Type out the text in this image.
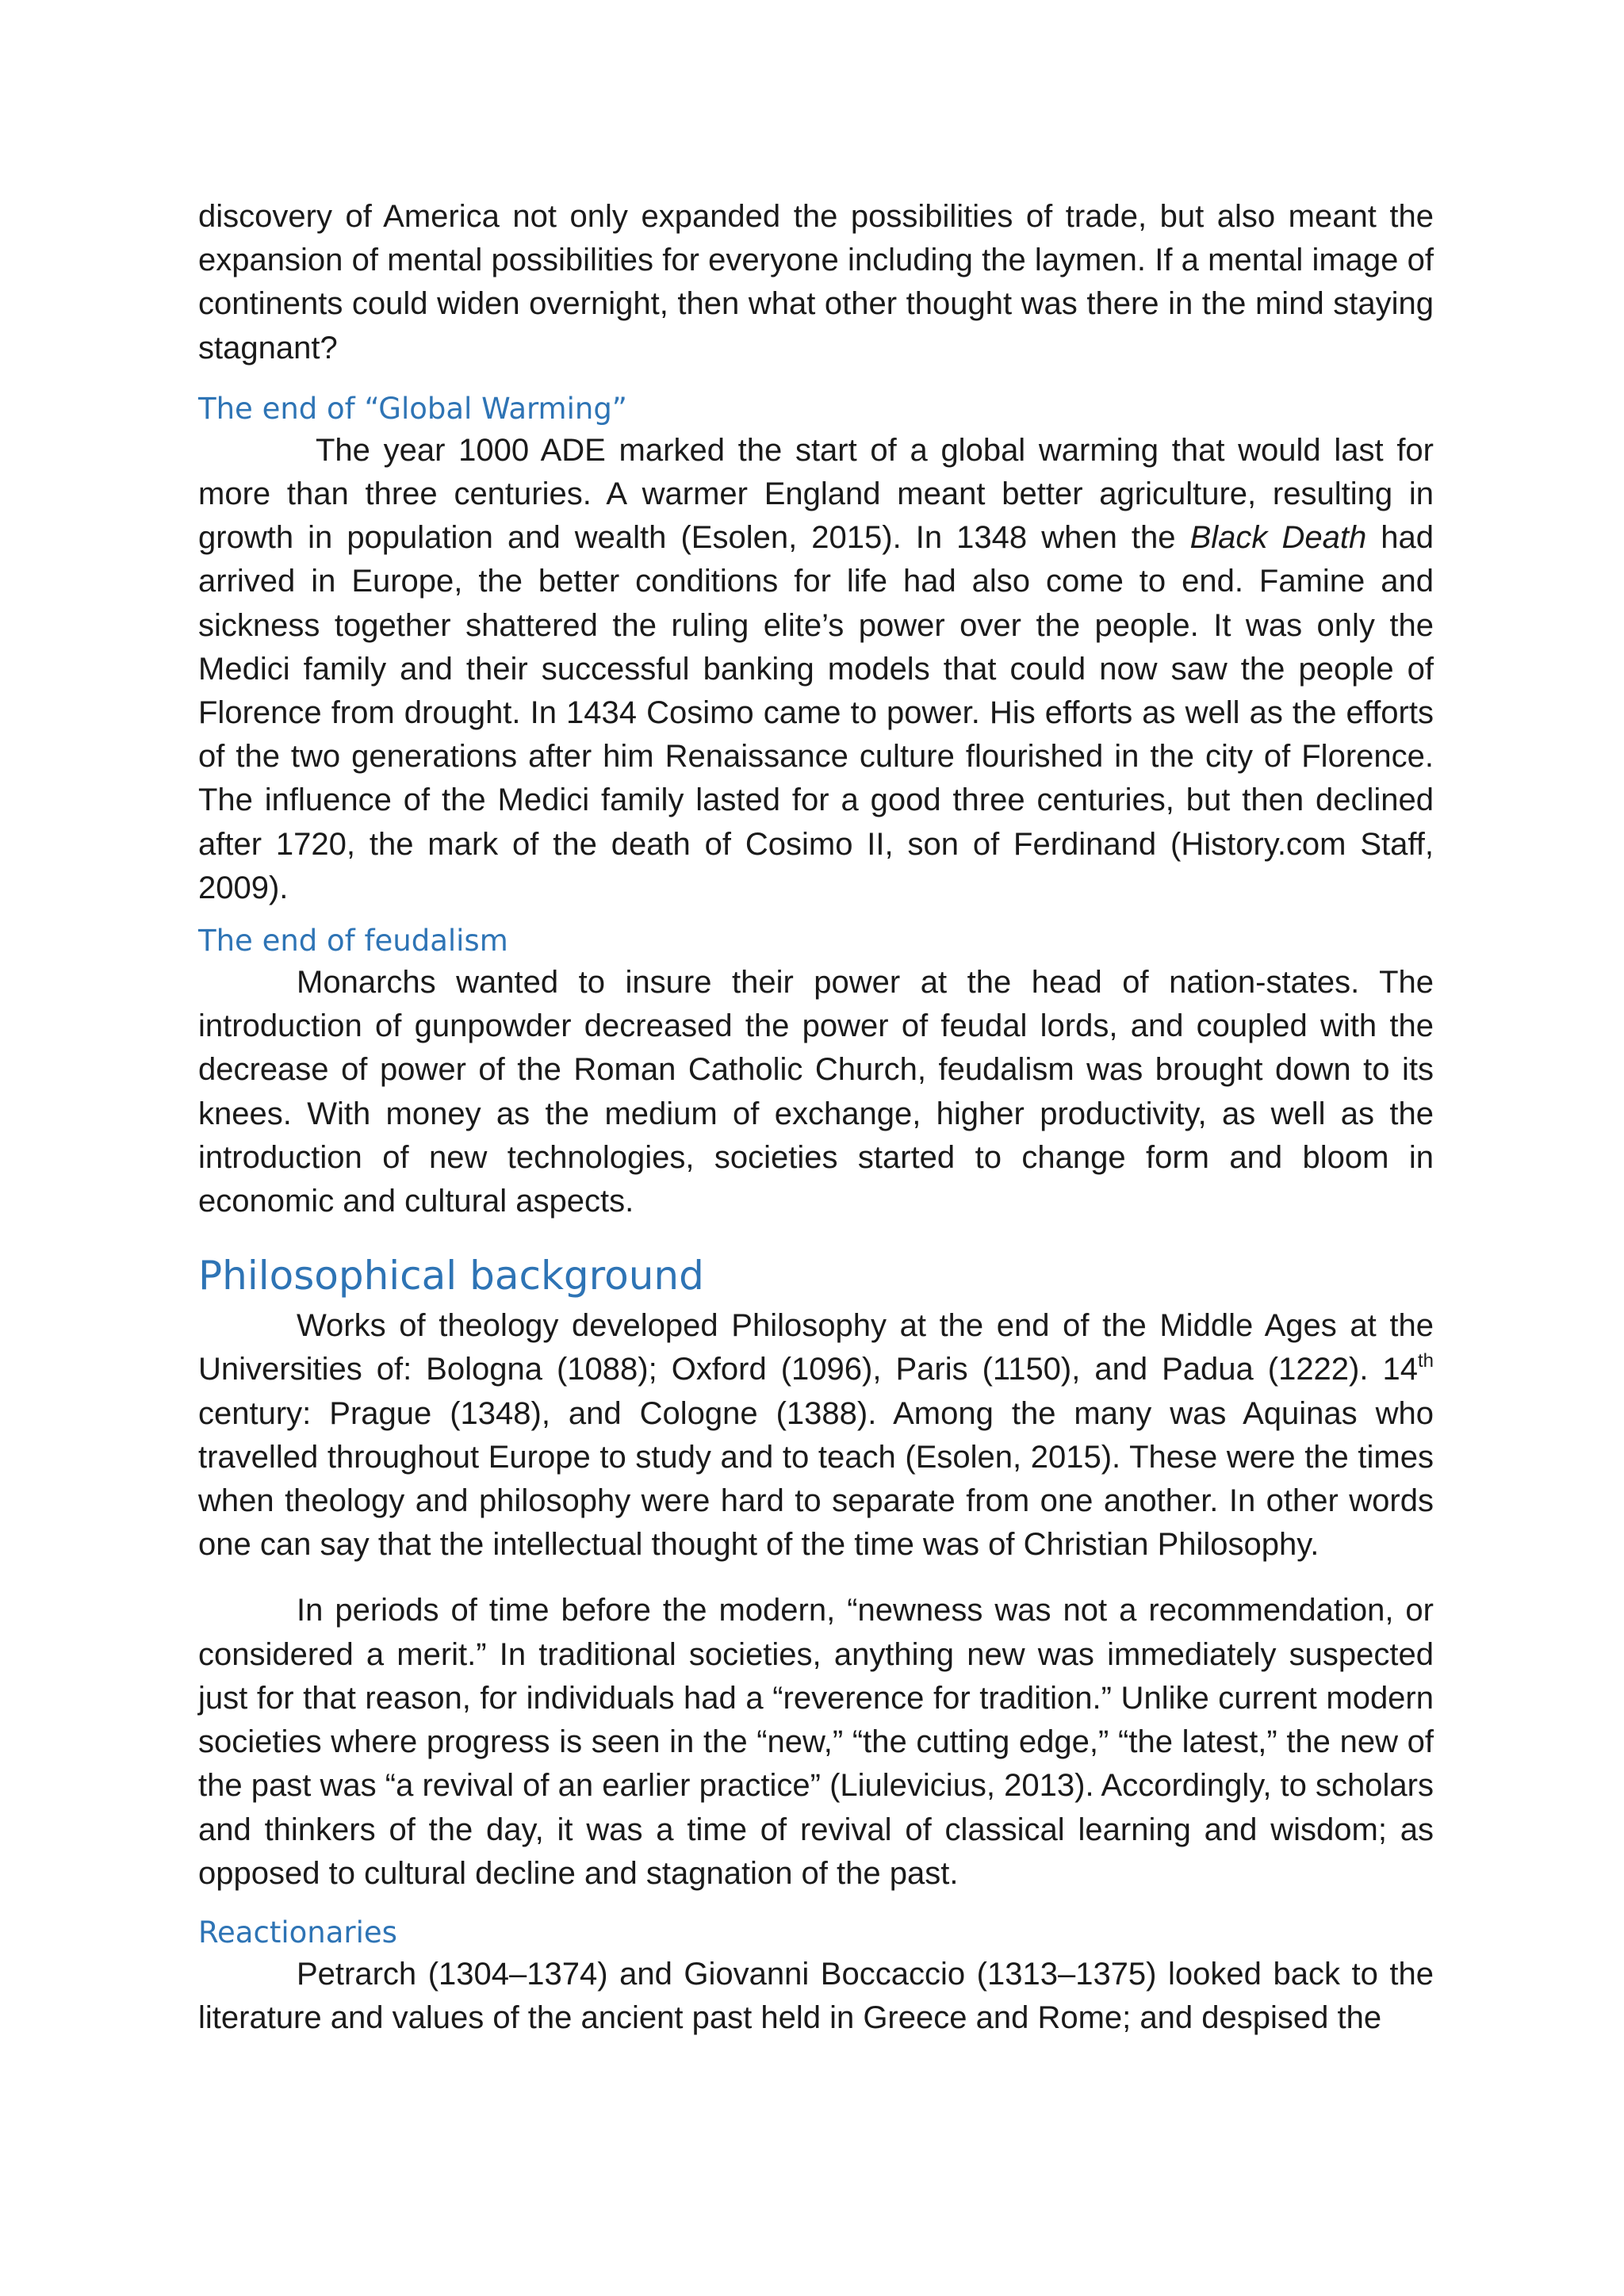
discovery of America not only expanded the possibilities of trade, but also meant the expansion of mental possibilities for everyone including the laymen. If a mental image of continents could widen overnight, then what other thought was there in the mind staying stagnant?

The end of “Global Warming”

The year 1000 ADE marked the start of a global warming that would last for more than three centuries. A warmer England meant better agriculture, resulting in growth in population and wealth (Esolen, 2015). In 1348 when the Black Death had arrived in Europe, the better conditions for life had also come to end. Famine and sickness together shattered the ruling elite’s power over the people. It was only the Medici family and their successful banking models that could now saw the people of Florence from drought. In 1434 Cosimo came to power. His efforts as well as the efforts of the two generations after him Renaissance culture flourished in the city of Florence. The influence of the Medici family lasted for a good three centuries, but then declined after 1720, the mark of the death of Cosimo II, son of Ferdinand (History.com Staff, 2009).

The end of feudalism

Monarchs wanted to insure their power at the head of nation-states. The introduction of gunpowder decreased the power of feudal lords, and coupled with the decrease of power of the Roman Catholic Church, feudalism was brought down to its knees. With money as the medium of exchange, higher productivity, as well as the introduction of new technologies, societies started to change form and bloom in economic and cultural aspects.

Philosophical background

Works of theology developed Philosophy at the end of the Middle Ages at the Universities of: Bologna (1088); Oxford (1096), Paris (1150), and Padua (1222). 14th century: Prague (1348), and Cologne (1388). Among the many was Aquinas who travelled throughout Europe to study and to teach (Esolen, 2015). These were the times when theology and philosophy were hard to separate from one another. In other words one can say that the intellectual thought of the time was of Christian Philosophy.

In periods of time before the modern, “newness was not a recommendation, or considered a merit.” In traditional societies, anything new was immediately suspected just for that reason, for individuals had a “reverence for tradition.” Unlike current modern societies where progress is seen in the “new,” “the cutting edge,” “the latest,” the new of the past was “a revival of an earlier practice” (Liulevicius, 2013). Accordingly, to scholars and thinkers of the day, it was a time of revival of classical learning and wisdom; as opposed to cultural decline and stagnation of the past.

Reactionaries

Petrarch (1304–1374) and Giovanni Boccaccio (1313–1375) looked back to the literature and values of the ancient past held in Greece and Rome; and despised the
